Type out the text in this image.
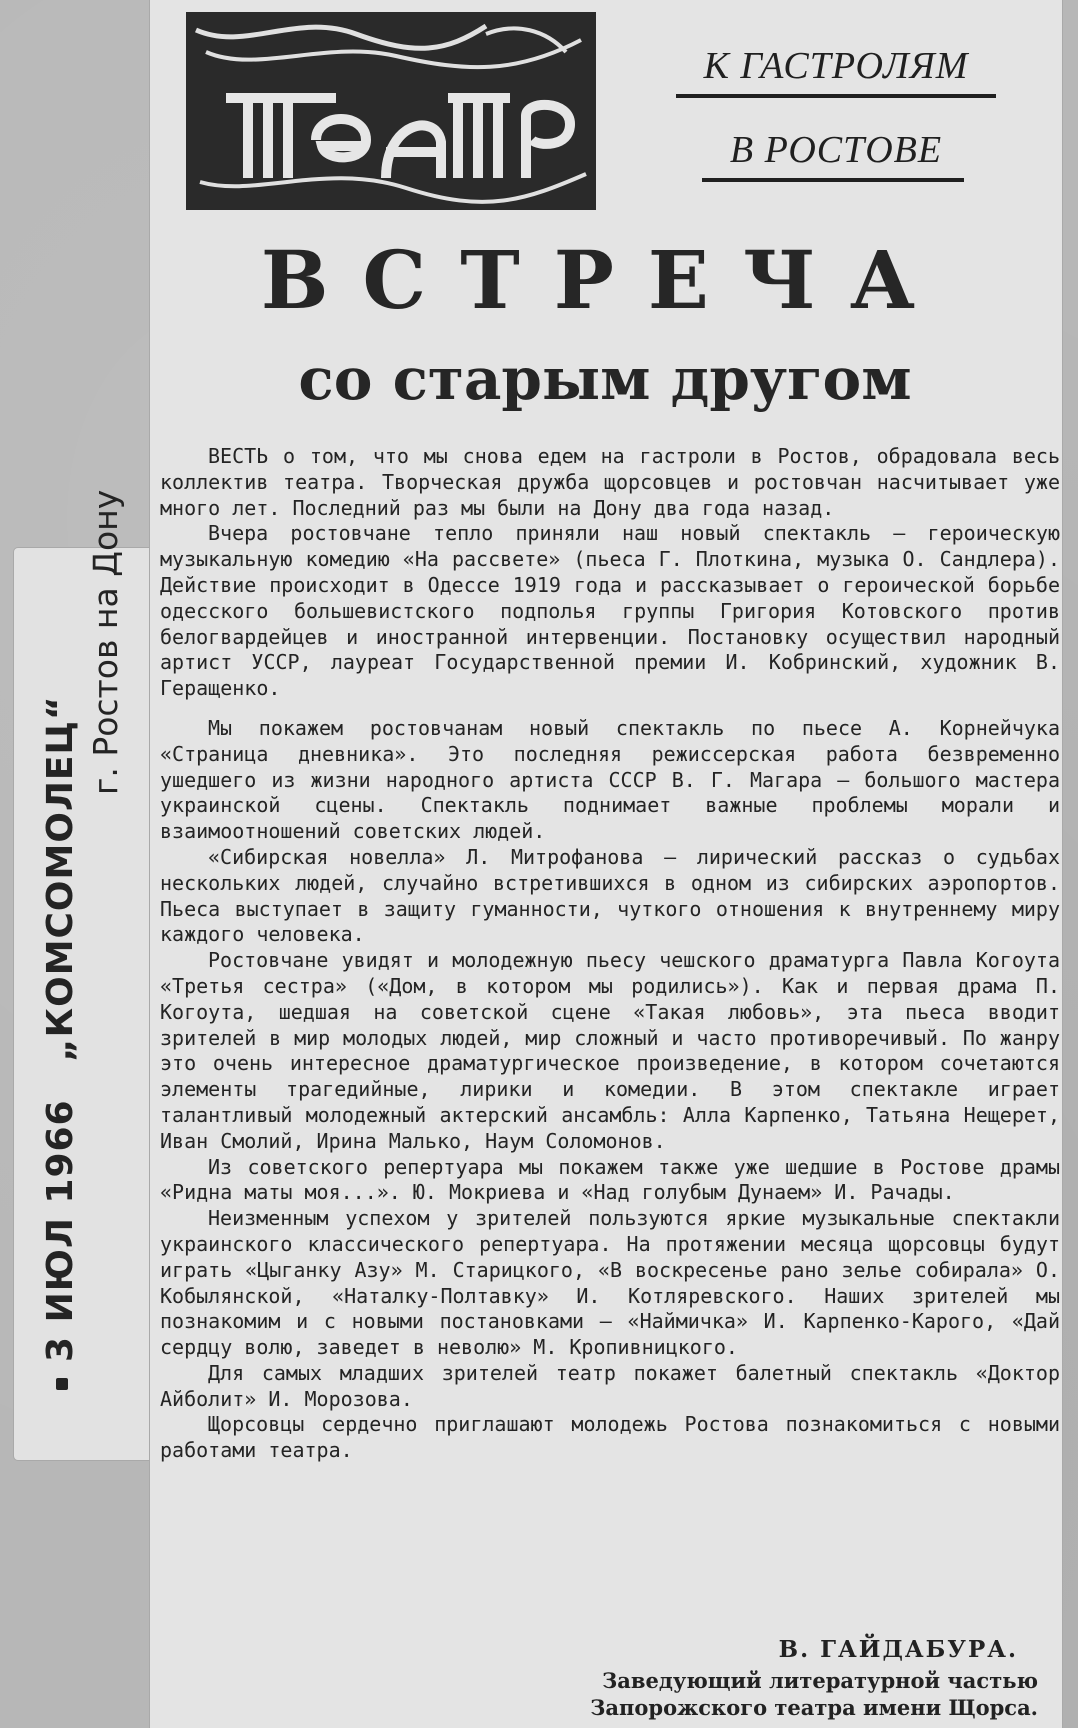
3 ИЮЛ 1966„КОМСОМОЛЕЦ“
г. Ростов на Дону
К ГАСТРОЛЯМ
В РОСТОВЕ
ВСТРЕЧА
со старым другом

ВЕСТЬ о том, что мы снова едем на гастроли в Ростов, обрадовала весь коллектив театра. Творческая дружба щорсовцев и ростовчан насчитывает уже много лет. Последний раз мы были на Дону два года назад.

Вчера ростовчане тепло приняли наш новый спектакль — героическую музыкальную комедию «На рассвете» (пьеса Г. Плоткина, музыка О. Сандлера). Действие происходит в Одессе 1919 года и рассказывает о героической борьбе одесского большевистского подполья группы Григория Котовского против белогвардейцев и иностранной интервенции. Постановку осуществил народный артист УССР, лауреат Государственной премии И. Кобринский, художник В. Геращенко.

Мы покажем ростовчанам новый спектакль по пьесе А. Корнейчука «Страница дневника». Это последняя режиссерская работа безвременно ушедшего из жизни народного артиста СССР В. Г. Магара — большого мастера украинской сцены. Спектакль поднимает важные проблемы морали и взаимоотношений советских людей.

«Сибирская новелла» Л. Митрофанова — лирический рассказ о судьбах нескольких людей, случайно встретившихся в одном из сибирских аэропортов. Пьеса выступает в защиту гуманности, чуткого отношения к внутреннему миру каждого человека.

Ростовчане увидят и молодежную пьесу чешского драматурга Павла Когоута «Третья сестра» («Дом, в котором мы родились»). Как и первая драма П. Когоута, шедшая на советской сцене «Такая любовь», эта пьеса вводит зрителей в мир молодых людей, мир сложный и часто противоречивый. По жанру это очень интересное драматургическое произведение, в котором сочетаются элементы трагедийные, лирики и комедии. В этом спектакле играет талантливый молодежный актерский ансамбль: Алла Карпенко, Татьяна Нещерет, Иван Смолий, Ирина Малько, Наум Соломонов.

Из советского репертуара мы покажем также уже шедшие в Ростове драмы «Ридна маты моя...». Ю. Мокриева и «Над голубым Дунаем» И. Рачады.

Неизменным успехом у зрителей пользуются яркие музыкальные спектакли украинского классического репертуара. На протяжении месяца щорсовцы будут играть «Цыганку Азу» М. Старицкого, «В воскресенье рано зелье собирала» О. Кобылянской, «Наталку-Полтавку» И. Котляревского. Наших зрителей мы познакомим и с новыми постановками — «Наймичка» И. Карпенко-Карого, «Дай сердцу волю, заведет в неволю» М. Кропивницкого.

Для самых младших зрителей театр покажет балетный спектакль «Доктор Айболит» И. Морозова.

Щорсовцы сердечно приглашают молодежь Ростова познакомиться с новыми работами театра.

В. ГАЙДАБУРА.
Заведующий литературной частью
Запорожского театра имени Щорса.
